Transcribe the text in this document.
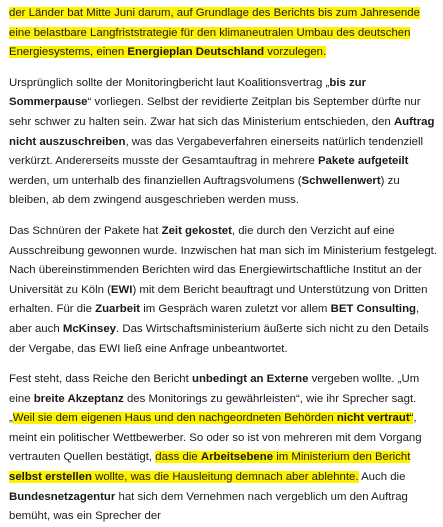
der Länder bat Mitte Juni darum, auf Grundlage des Berichts bis zum Jahresende eine belastbare Langfriststrategie für den klimaneutralen Umbau des deutschen Energiesystems, einen Energieplan Deutschland vorzulegen.

Ursprünglich sollte der Monitoringbericht laut Koalitionsvertrag „bis zur Sommerpause“ vorliegen. Selbst der revidierte Zeitplan bis September dürfte nur sehr schwer zu halten sein. Zwar hat sich das Ministerium entschieden, den Auftrag nicht auszuschreiben, was das Vergabeverfahren einerseits natürlich tendenziell verkürzt. Andererseits musste der Gesamtauftrag in mehrere Pakete aufgeteilt werden, um unterhalb des finanziellen Auftragsvolumens (Schwellenwert) zu bleiben, ab dem zwingend ausgeschrieben werden muss.

Das Schnüren der Pakete hat Zeit gekostet, die durch den Verzicht auf eine Ausschreibung gewonnen wurde. Inzwischen hat man sich im Ministerium festgelegt. Nach übereinstimmenden Berichten wird das Energiewirtschaftliche Institut an der Universität zu Köln (EWI) mit dem Bericht beauftragt und Unterstützung von Dritten erhalten. Für die Zuarbeit im Gespräch waren zuletzt vor allem BET Consulting, aber auch McKinsey. Das Wirtschaftsministerium äußerte sich nicht zu den Details der Vergabe, das EWI ließ eine Anfrage unbeantwortet.

Fest steht, dass Reiche den Bericht unbedingt an Externe vergeben wollte. „Um eine breite Akzeptanz des Monitorings zu gewährleisten“, wie ihr Sprecher sagt. „Weil sie dem eigenen Haus und den nachgeordneten Behörden nicht vertraut“, meint ein politischer Wettbewerber. So oder so ist von mehreren mit dem Vorgang vertrauten Quellen bestätigt, dass die Arbeitsebene im Ministerium den Bericht selbst erstellen wollte, was die Hausleitung demnach aber ablehnte. Auch die Bundesnetzagentur hat sich dem Vernehmen nach vergeblich um den Auftrag bemüht, was ein Sprecher der
